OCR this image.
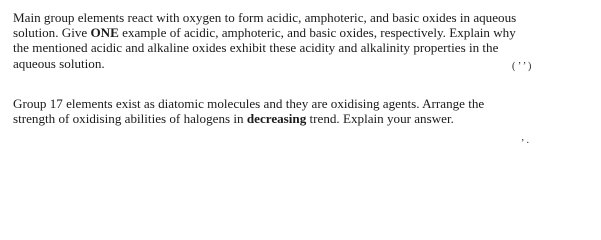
Main group elements react with oxygen to form acidic, amphoteric, and basic oxides in aqueous
solution. Give ONE example of acidic, amphoteric, and basic oxides, respectively. Explain why
the mentioned acidic and alkaline oxides exhibit these acidity and alkalinity properties in the
aqueous solution.	( ’ ’ )

Group 17 elements exist as diatomic molecules and they are oxidising agents. Arrange the
strength of oxidising abilities of halogens in decreasing trend. Explain your answer.

’ ·
